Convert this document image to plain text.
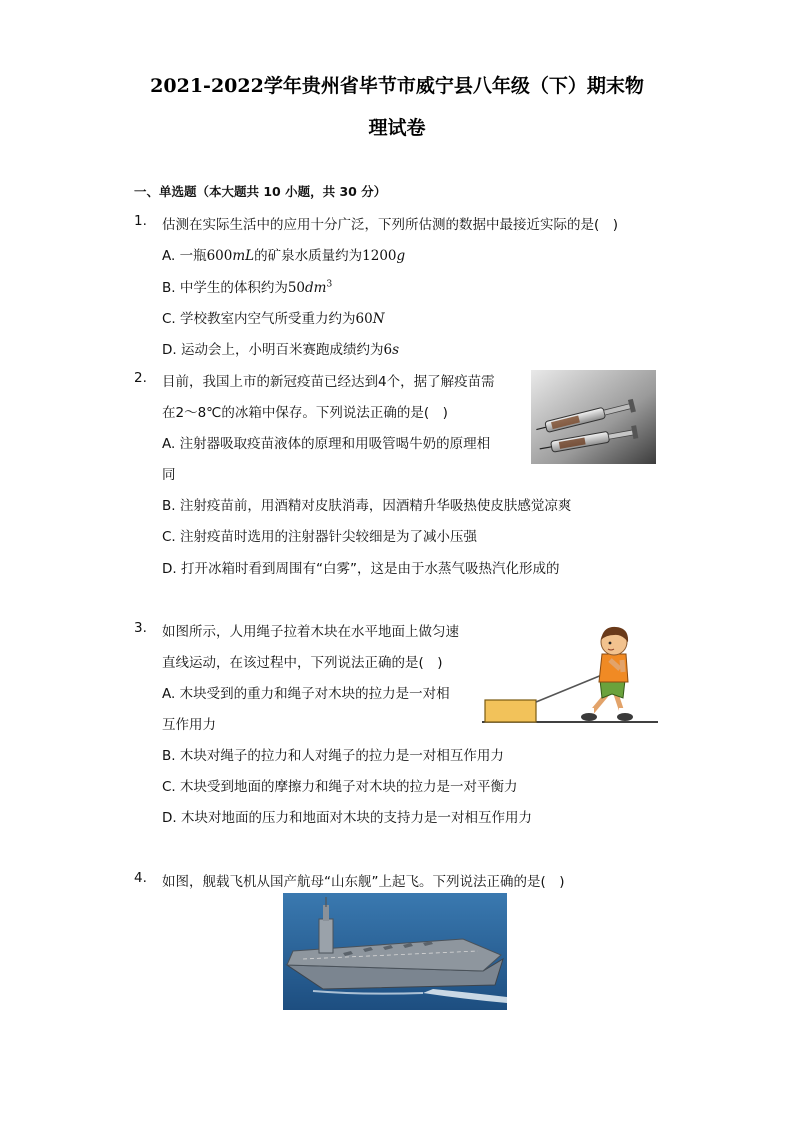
2021-2022学年贵州省毕节市威宁县八年级（下）期末物
理试卷
一、单选题（本大题共 10 小题，共 30 分）
1. 估测在实际生活中的应用十分广泛，下列所估测的数据中最接近实际的是(　)
A. 一瓶600mL的矿泉水质量约为1200g
B. 中学生的体积约为$50dm^3$
C. 学校教室内空气所受重力约为60N
D. 运动会上，小明百米赛跑成绩约为6s
2. 目前，我国上市的新冠疫苗已经达到4个，据了解疫苗需
在2～8℃的冰箱中保存。下列说法正确的是(　)
A. 注射器吸取疫苗液体的原理和用吸管喝牛奶的原理相
同
B. 注射疫苗前，用酒精对皮肤消毒，因酒精升华吸热使皮肤感觉凉爽
C. 注射疫苗时选用的注射器针尖较细是为了减小压强
D. 打开冰箱时看到周围有“白雾”，这是由于水蒸气吸热汽化形成的
3. 如图所示，人用绳子拉着木块在水平地面上做匀速
直线运动，在该过程中，下列说法正确的是(　)
A. 木块受到的重力和绳子对木块的拉力是一对相
互作用力
B. 木块对绳子的拉力和人对绳子的拉力是一对相互作用力
C. 木块受到地面的摩擦力和绳子对木块的拉力是一对平衡力
D. 木块对地面的压力和地面对木块的支持力是一对相互作用力
4. 如图，舰载飞机从国产航母“山东舰”上起飞。下列说法正确的是(　)
